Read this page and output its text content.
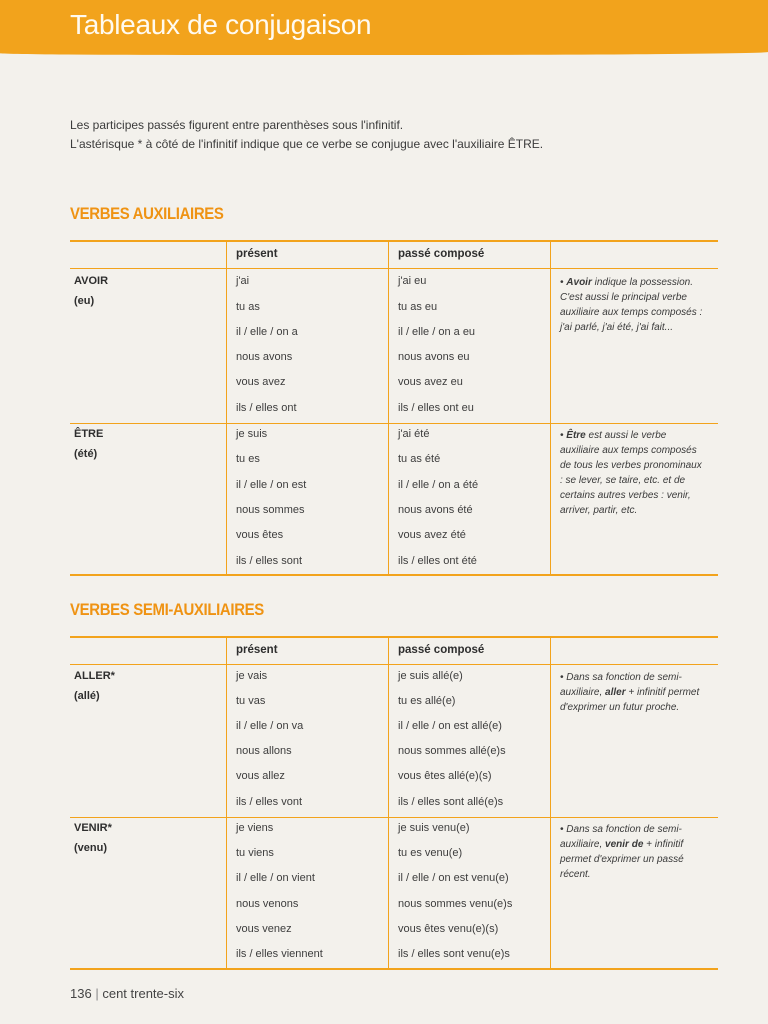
Tableaux de conjugaison
Les participes passés figurent entre parenthèses sous l'infinitif.
L'astérisque * à côté de l'infinitif indique que ce verbe se conjugue avec l'auxiliaire ÊTRE.
VERBES AUXILIAIRES
présent	passé composé
AVOIR
(eu)
j'ai
tu as
il / elle / on a
nous avons
vous avez
ils / elles ont
j'ai eu
tu as eu
il / elle / on a eu
nous avons eu
vous avez eu
ils / elles ont eu
• Avoir indique la possession. C'est aussi le principal verbe auxiliaire aux temps composés : j'ai parlé, j'ai été, j'ai fait...
ÊTRE
(été)
je suis
tu es
il / elle / on est
nous sommes
vous êtes
ils / elles sont
j'ai été
tu as été
il / elle / on a été
nous avons été
vous avez été
ils / elles ont été
• Être est aussi le verbe auxiliaire aux temps composés de tous les verbes pronominaux : se lever, se taire, etc. et de certains autres verbes : venir, arriver, partir, etc.
VERBES SEMI-AUXILIAIRES
présent	passé composé
ALLER*
(allé)
je vais
tu vas
il / elle / on va
nous allons
vous allez
ils / elles vont
je suis allé(e)
tu es allé(e)
il / elle / on est allé(e)
nous sommes allé(e)s
vous êtes allé(e)(s)
ils / elles sont allé(e)s
• Dans sa fonction de semi-auxiliaire, aller + infinitif permet d'exprimer un futur proche.
VENIR*
(venu)
je viens
tu viens
il / elle / on vient
nous venons
vous venez
ils / elles viennent
je suis venu(e)
tu es venu(e)
il / elle / on est venu(e)
nous sommes venu(e)s
vous êtes venu(e)(s)
ils / elles sont venu(e)s
• Dans sa fonction de semi-auxiliaire, venir de + infinitif permet d'exprimer un passé récent.
136 | cent trente-six
